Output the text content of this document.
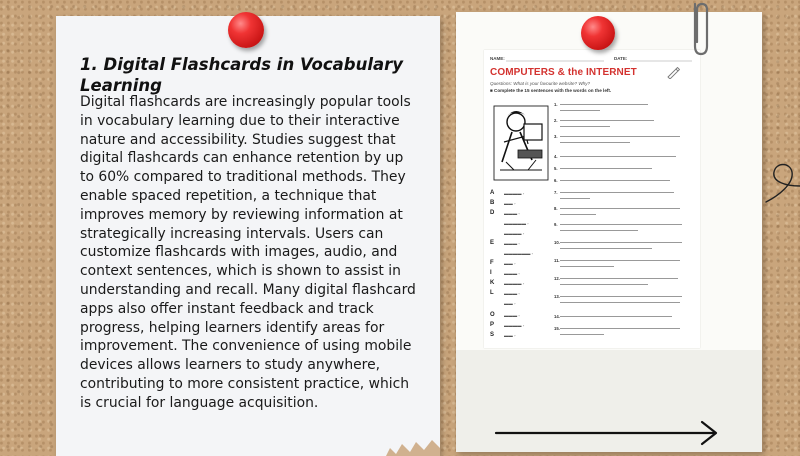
1. Digital Flashcards in Vocabulary Learning

Digital flashcards are increasingly popular tools in vocabulary learning due to their interactive nature and accessibility. Studies suggest that digital flashcards can enhance retention by up to 60% compared to traditional methods. They enable spaced repetition, a technique that improves memory by reviewing information at strategically increasing intervals. Users can customize flashcards with images, audio, and context sentences, which is shown to assist in understanding and recall. Many digital flashcard apps also offer instant feedback and track progress, helping learners identify areas for improvement. The convenience of using mobile devices allows learners to study anywhere, contributing to more consistent practice, which is crucial for language acquisition.

NAME:	DATE:
COMPUTERS & the INTERNET
Questions: What is your favourite website? Why?
■ Complete the 15 sentences with the words on the left.
A ▬▬▬▬ ◦
B ▬▬ ◦
D ▬▬▬ ◦
▬▬▬▬▬ ◦
▬▬▬▬ ◦
E ▬▬▬ ◦
▬▬▬▬▬▬ ◦
F ▬▬ ◦
I	▬▬▬ ◦
K ▬▬▬▬ ◦
L ▬▬▬ ◦
▬▬ ◦
O ▬▬▬ ◦
P ▬▬▬▬ ◦
S ▬▬ ◦
1.
2.
3.
4.
5.
6.
7.
8.
9.
10.
11.
12.
13.
14.
15.
